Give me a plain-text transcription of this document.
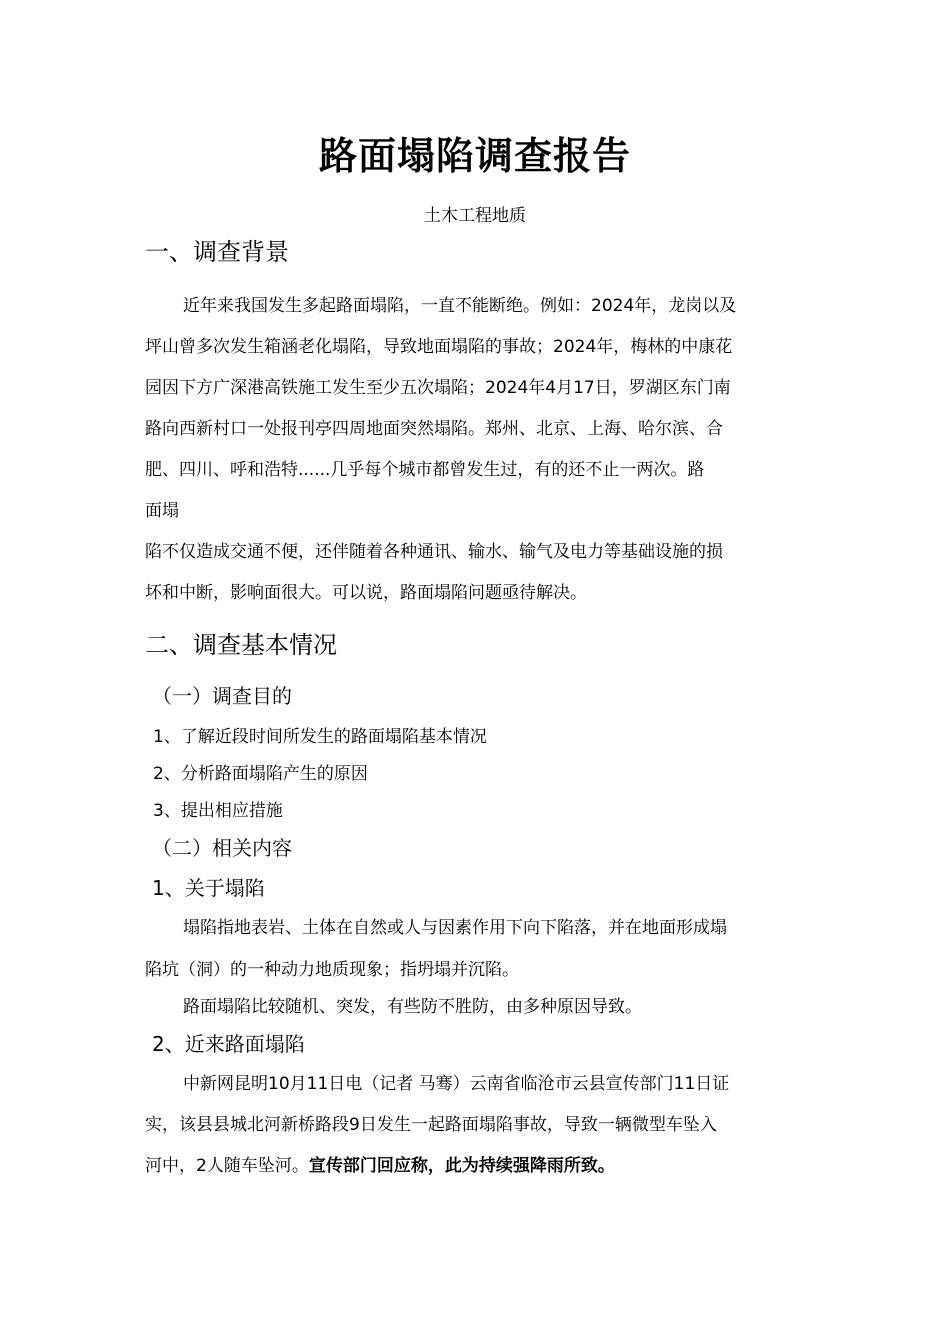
路面塌陷调查报告
土木工程地质
一、调查背景
近年来我国发生多起路面塌陷，一直不能断绝。例如：2024年，龙岗以及
坪山曾多次发生箱涵老化塌陷，导致地面塌陷的事故；2024年，梅林的中康花
园因下方广深港高铁施工发生至少五次塌陷；2024年4月17日，罗湖区东门南
路向西新村口一处报刊亭四周地面突然塌陷。郑州、北京、上海、哈尔滨、合
肥、四川、呼和浩特......几乎每个城市都曾发生过，有的还不止一两次。路
面塌
陷不仅造成交通不便，还伴随着各种通讯、输水、输气及电力等基础设施的损
坏和中断，影响面很大。可以说，路面塌陷问题亟待解决。
二、调查基本情况
（一）调查目的
1、了解近段时间所发生的路面塌陷基本情况
2、分析路面塌陷产生的原因
3、提出相应措施
（二）相关内容
1、关于塌陷
塌陷指地表岩、土体在自然或人与因素作用下向下陷落，并在地面形成塌
陷坑（洞）的一种动力地质现象；指坍塌并沉陷。
路面塌陷比较随机、突发，有些防不胜防，由多种原因导致。
2、近来路面塌陷
中新网昆明10月11日电（记者 马骞）云南省临沧市云县宣传部门11日证
实，该县县城北河新桥路段9日发生一起路面塌陷事故，导致一辆微型车坠入
河中，2人随车坠河。宣传部门回应称，此为持续强降雨所致。
